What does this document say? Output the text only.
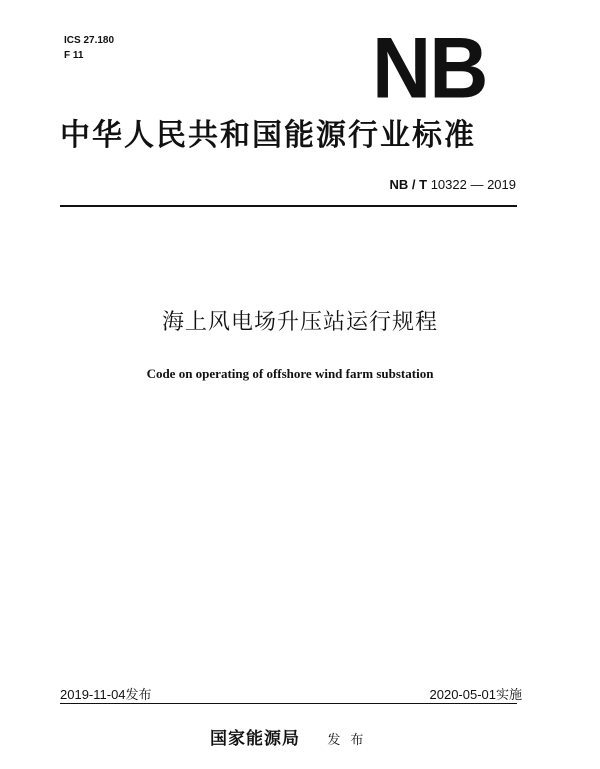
ICS 27.180
F 11	NB
中华人民共和国能源行业标准
NB / T 10322 — 2019
海上风电场升压站运行规程
Code on operating of offshore wind farm substation
2019-11-04发布	2020-05-01实施
国家能源局 发布
